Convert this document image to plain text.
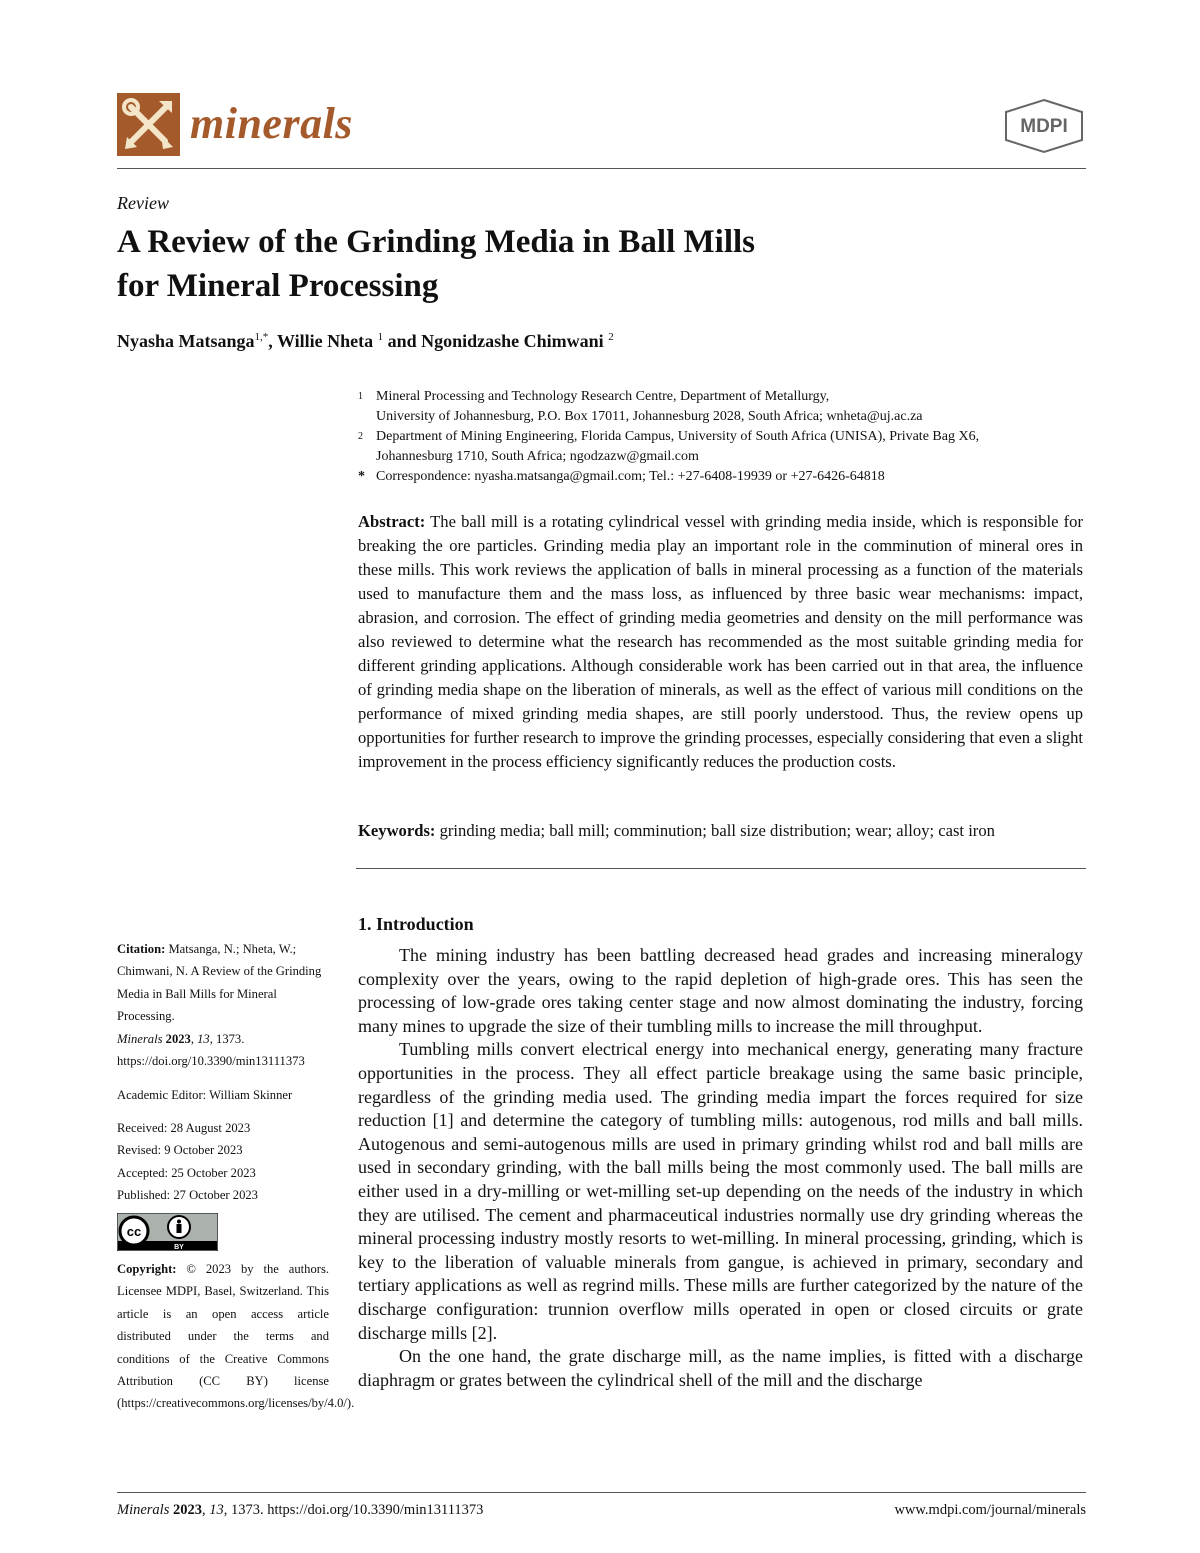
minerals	MDPI
Review
A Review of the Grinding Media in Ball Mills
for Mineral Processing
Nyasha Matsanga$^{1,*}$, Willie Nheta $^1$ and Ngonidzashe Chimwani $^2$
1 Mineral Processing and Technology Research Centre, Department of Metallurgy,
University of Johannesburg, P.O. Box 17011, Johannesburg 2028, South Africa; wnheta@uj.ac.za
2 Department of Mining Engineering, Florida Campus, University of South Africa (UNISA), Private Bag X6,
Johannesburg 1710, South Africa; ngodzazw@gmail.com
* Correspondence: nyasha.matsanga@gmail.com; Tel.: +27-6408-19939 or +27-6426-64818
Abstract: The ball mill is a rotating cylindrical vessel with grinding media inside, which is responsible for breaking the ore particles. Grinding media play an important role in the comminution of mineral ores in these mills. This work reviews the application of balls in mineral processing as a function of the materials used to manufacture them and the mass loss, as influenced by three basic wear mechanisms: impact, abrasion, and corrosion. The effect of grinding media geometries and density on the mill performance was also reviewed to determine what the research has recommended as the most suitable grinding media for different grinding applications. Although considerable work has been carried out in that area, the influence of grinding media shape on the liberation of minerals, as well as the effect of various mill conditions on the performance of mixed grinding media shapes, are still poorly understood. Thus, the review opens up opportunities for further research to improve the grinding processes, especially considering that even a slight improvement in the process efficiency significantly reduces the production costs.
Keywords: grinding media; ball mill; comminution; ball size distribution; wear; alloy; cast iron
Citation: Matsanga, N.; Nheta, W.; Chimwani, N. A Review of the Grinding Media in Ball Mills for Mineral Processing.
Minerals 2023, 13, 1373.
https://doi.org/10.3390/min13111373
Academic Editor: William Skinner
Received: 28 August 2023
Revised: 9 October 2023
Accepted: 25 October 2023
Published: 27 October 2023
cc
BY
Copyright: © 2023 by the authors. Licensee MDPI, Basel, Switzerland. This article is an open access article distributed under the terms and conditions of the Creative Commons Attribution (CC BY) license (https://creativecommons.org/licenses/by/4.0/).
1. Introduction

The mining industry has been battling decreased head grades and increasing mineralogy complexity over the years, owing to the rapid depletion of high-grade ores. This has seen the processing of low-grade ores taking center stage and now almost dominating the industry, forcing many mines to upgrade the size of their tumbling mills to increase the mill throughput.

Tumbling mills convert electrical energy into mechanical energy, generating many fracture opportunities in the process. They all effect particle breakage using the same basic principle, regardless of the grinding media used. The grinding media impart the forces required for size reduction [1] and determine the category of tumbling mills: autogenous, rod mills and ball mills. Autogenous and semi-autogenous mills are used in primary grinding whilst rod and ball mills are used in secondary grinding, with the ball mills being the most commonly used. The ball mills are either used in a dry-milling or wet-milling set-up depending on the needs of the industry in which they are utilised. The cement and pharmaceutical industries normally use dry grinding whereas the mineral processing industry mostly resorts to wet-milling. In mineral processing, grinding, which is key to the liberation of valuable minerals from gangue, is achieved in primary, secondary and tertiary applications as well as regrind mills. These mills are further categorized by the nature of the discharge configuration: trunnion overflow mills operated in open or closed circuits or grate discharge mills [2].

On the one hand, the grate discharge mill, as the name implies, is fitted with a discharge diaphragm or grates between the cylindrical shell of the mill and the discharge

Minerals 2023, 13, 1373. https://doi.org/10.3390/min13111373	www.mdpi.com/journal/minerals
